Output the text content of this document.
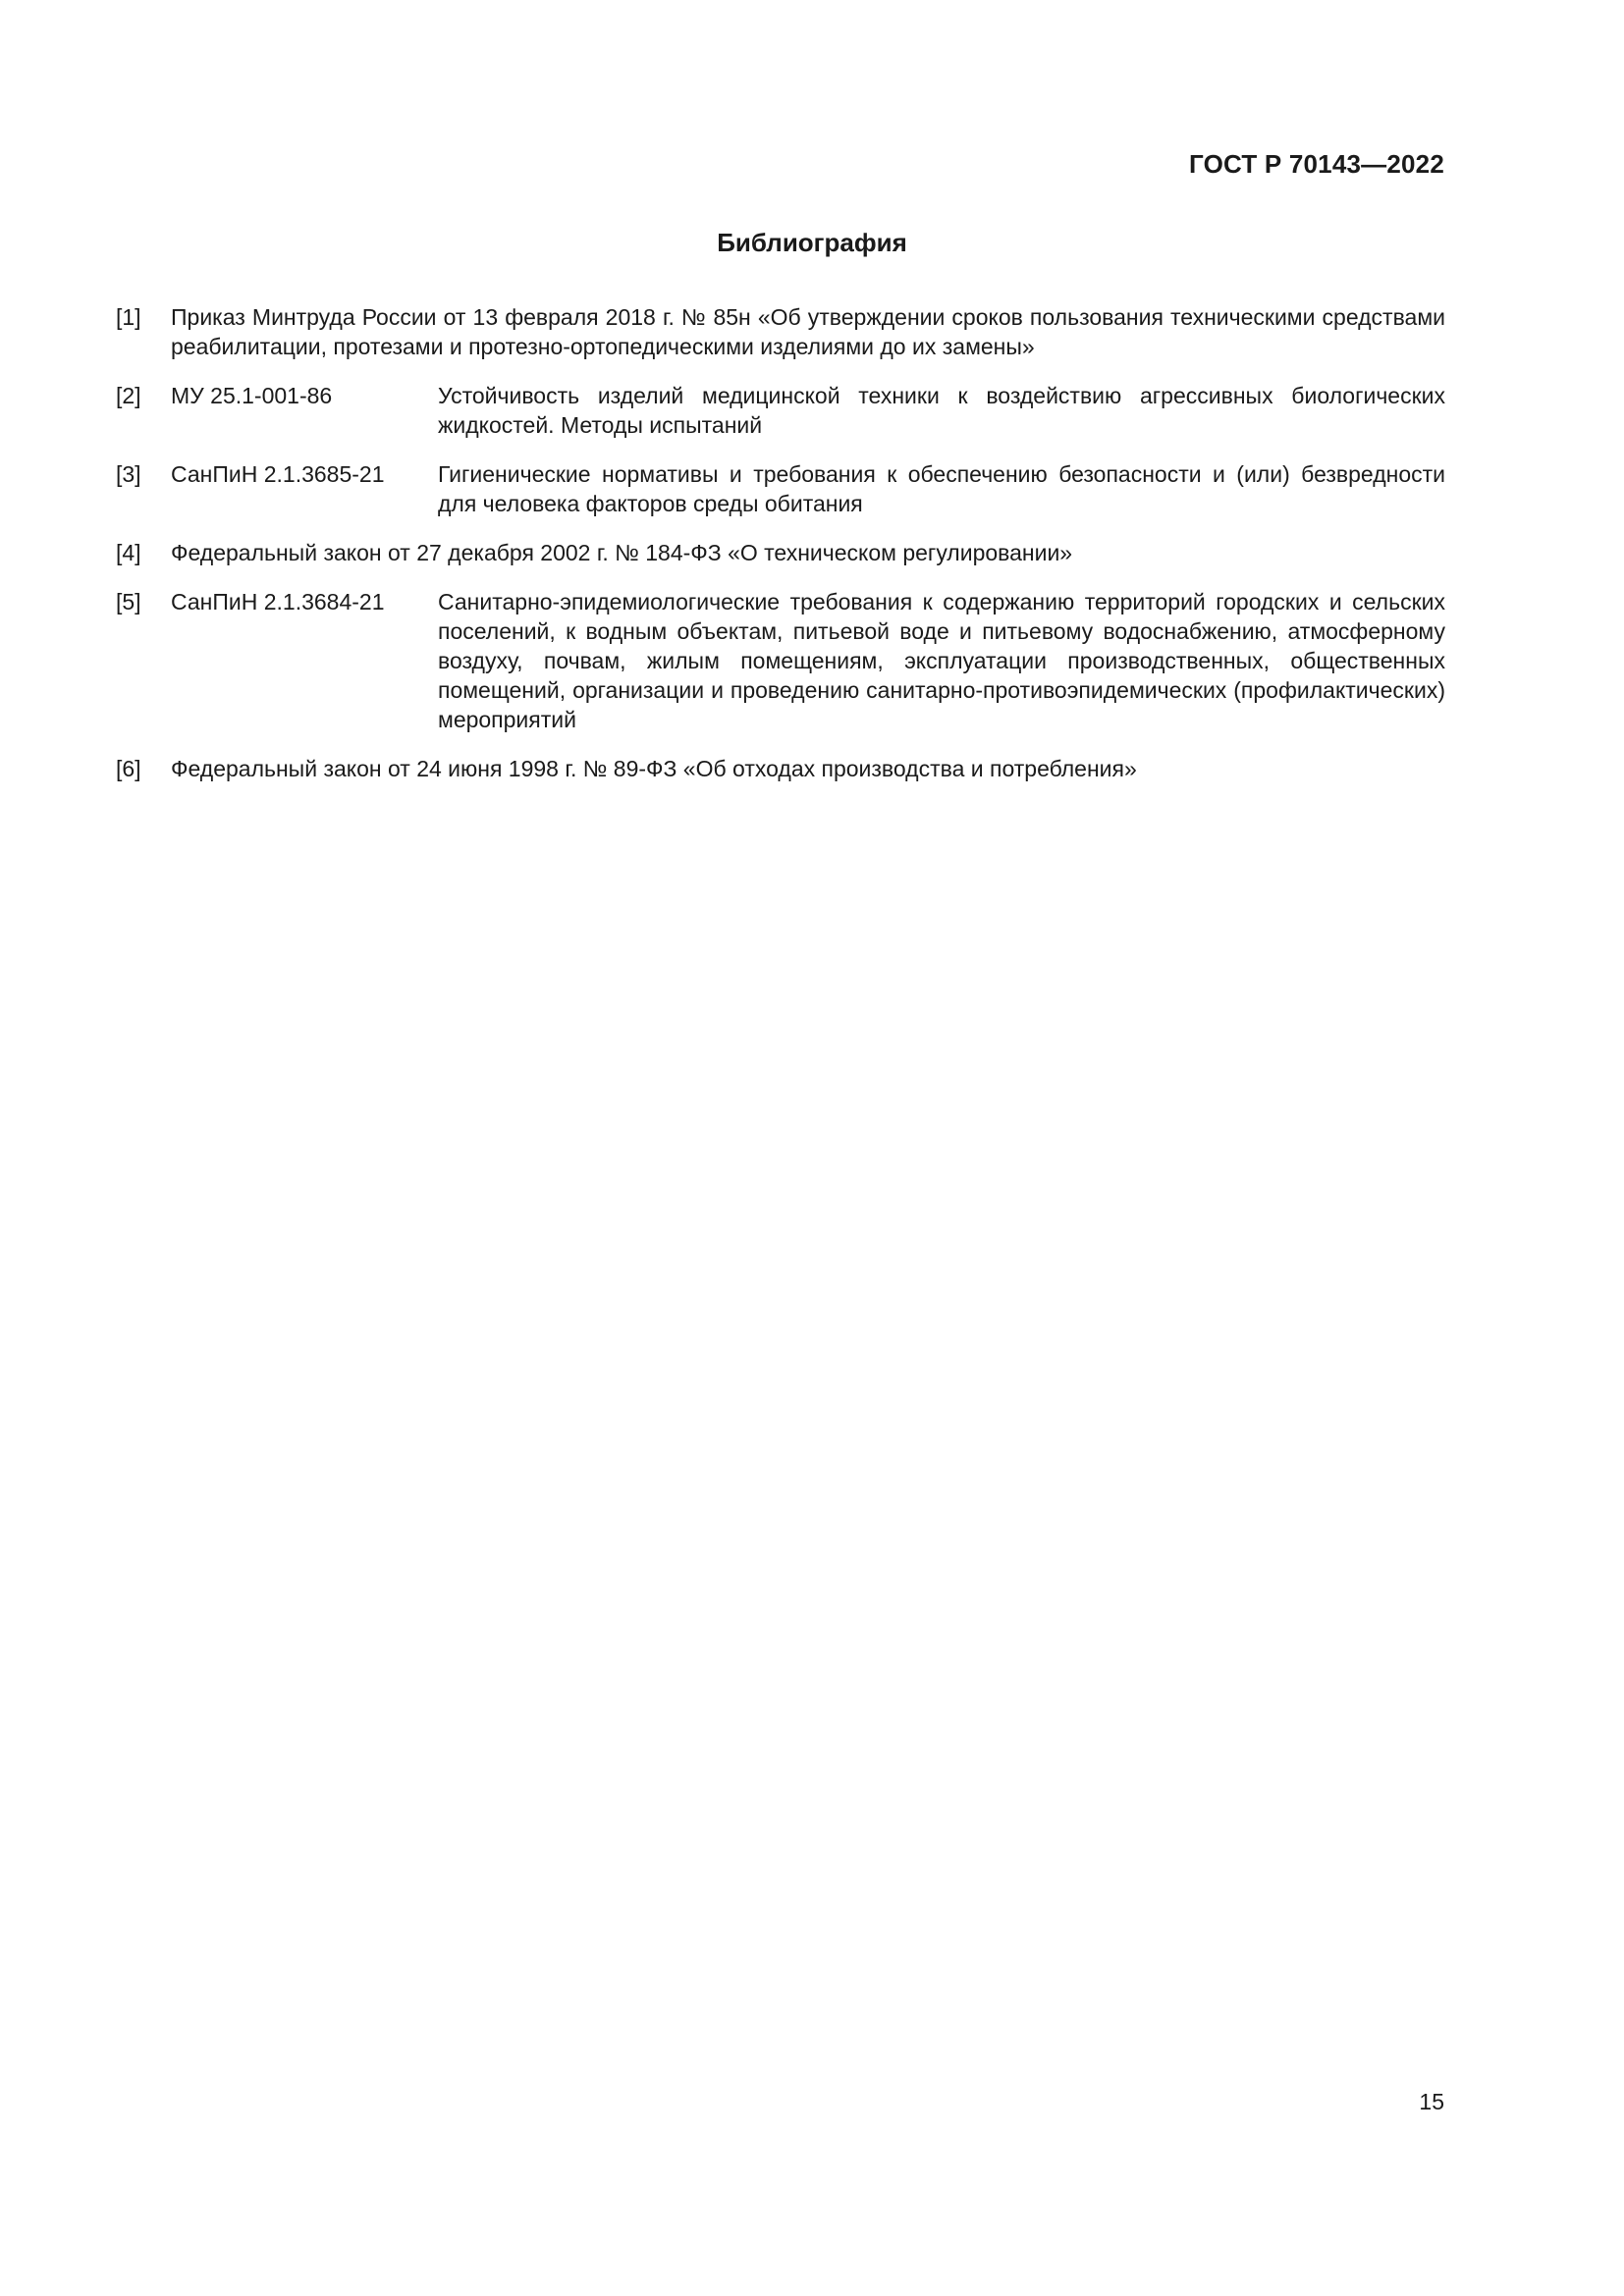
ГОСТ Р 70143—2022
Библиография
[1]	Приказ Минтруда России от 13 февраля 2018 г. № 85н «Об утверждении сроков пользования техническими средствами реабилитации, протезами и протезно-ортопедическими изделиями до их замены»
[2]	МУ 25.1-001-86	Устойчивость изделий медицинской техники к воздействию агрессивных биологических жидкостей. Методы испытаний
[3]	СанПиН 2.1.3685-21	Гигиенические нормативы и требования к обеспечению безопасности и (или) безвредности для человека факторов среды обитания
[4]	Федеральный закон от 27 декабря 2002 г. № 184-ФЗ «О техническом регулировании»
[5]	СанПиН 2.1.3684-21	Санитарно-эпидемиологические требования к содержанию территорий городских и сельских поселений, к водным объектам, питьевой воде и питьевому водоснабжению, атмосферному воздуху, почвам, жилым помещениям, эксплуатации производственных, общественных помещений, организации и проведению санитарно-противоэпидемических (профилактических) мероприятий
[6]	Федеральный закон от 24 июня 1998 г. № 89-ФЗ «Об отходах производства и потребления»
15
